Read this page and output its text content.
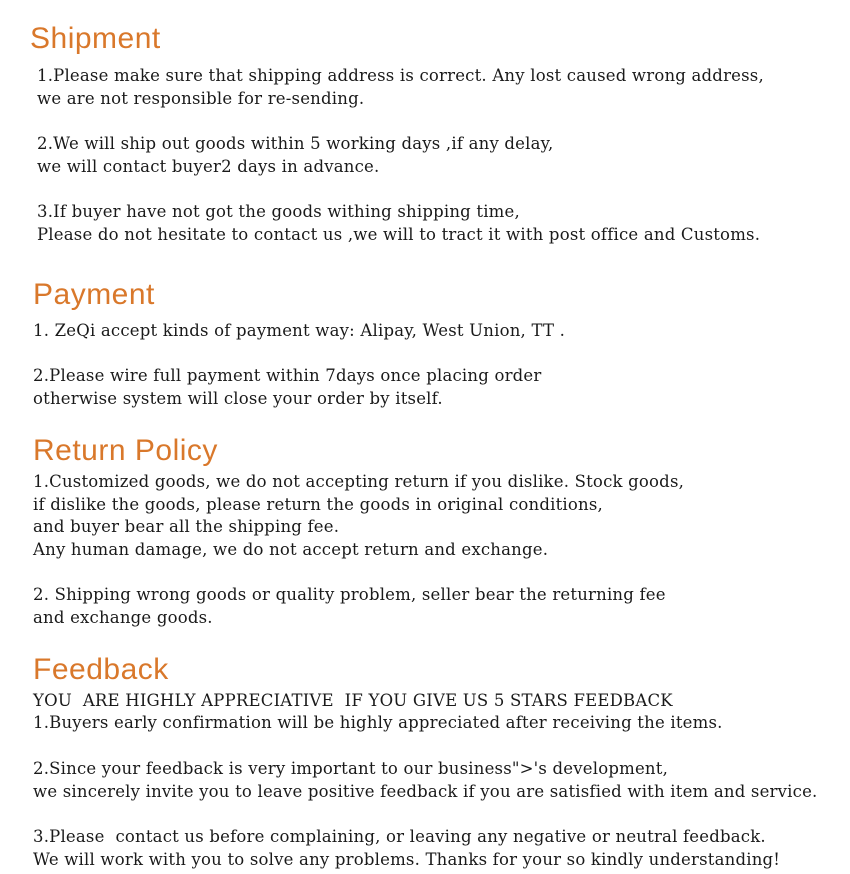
Shipment
1.Please make sure that shipping address is correct. Any lost caused wrong address,
we are not responsible for re-sending.
2.We will ship out goods within 5 working days ,if any delay,
we will contact buyer2 days in advance.
3.If buyer have not got the goods withing shipping time,
Please do not hesitate to contact us ,we will to tract it with post office and Customs.
Payment
1. ZeQi accept kinds of payment way: Alipay, West Union, TT .
2.Please wire full payment within 7days once placing order
otherwise system will close your order by itself.
Return Policy
1.Customized goods, we do not accepting return if you dislike. Stock goods,
if dislike the goods, please return the goods in original conditions,
and buyer bear all the shipping fee.
Any human damage, we do not accept return and exchange.
2. Shipping wrong goods or quality problem, seller bear the returning fee
and exchange goods.
Feedback
YOU  ARE HIGHLY APPRECIATIVE  IF YOU GIVE US 5 STARS FEEDBACK
1.Buyers early confirmation will be highly appreciated after receiving the items.
2.Since your feedback is very important to our business">'s development,
we sincerely invite you to leave positive feedback if you are satisfied with item and service.
3.Please  contact us before complaining, or leaving any negative or neutral feedback.
We will work with you to solve any problems. Thanks for your so kindly understanding!
